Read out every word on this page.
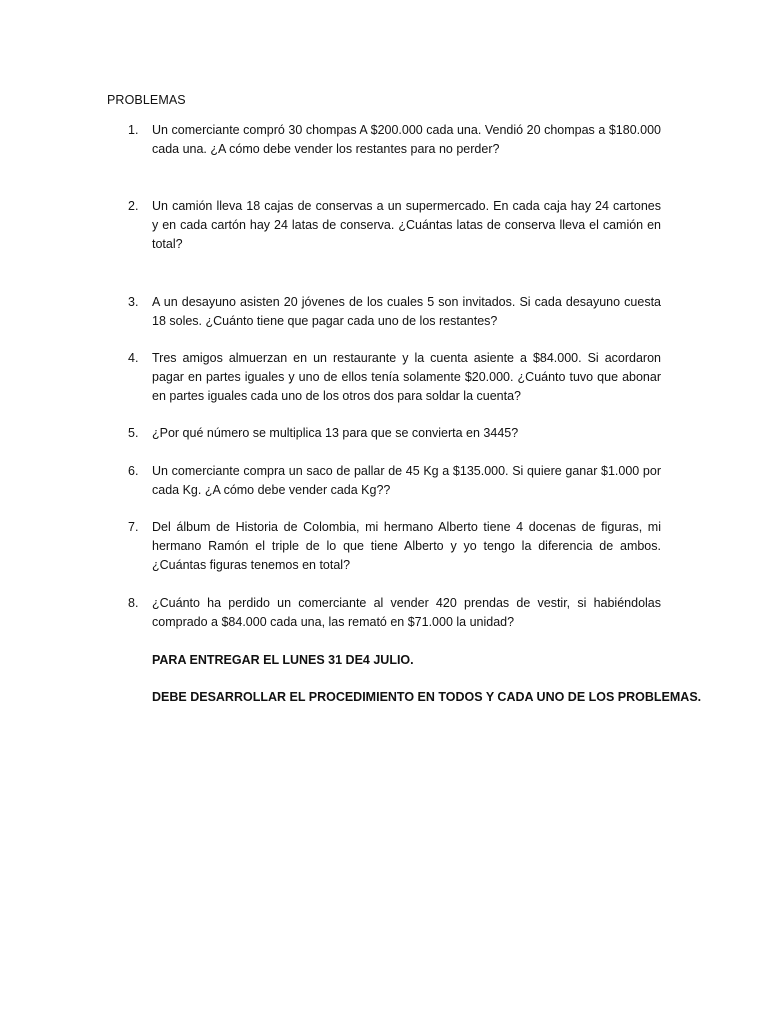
PROBLEMAS
1.	Un comerciante compró 30 chompas A $200.000 cada una. Vendió 20 chompas a $180.000 cada una. ¿A cómo debe vender los restantes para no perder?
2.	Un camión lleva 18 cajas de conservas a un supermercado. En cada caja hay 24 cartones y en cada cartón hay 24 latas de conserva. ¿Cuántas latas de conserva lleva el camión en total?
3.	A un desayuno asisten 20 jóvenes de los cuales 5 son invitados. Si cada desayuno cuesta 18 soles. ¿Cuánto tiene que pagar cada uno de los restantes?
4.	Tres amigos almuerzan en un restaurante y la cuenta asiente a $84.000. Si acordaron pagar en partes iguales y uno de ellos tenía solamente $20.000. ¿Cuánto tuvo que abonar en partes iguales cada uno de los otros dos para soldar la cuenta?
5.	¿Por qué número se multiplica 13 para que se convierta en 3445?
6.	Un comerciante compra un saco de pallar de 45 Kg a $135.000. Si quiere ganar $1.000 por cada Kg. ¿A cómo debe vender cada Kg??
7.	Del álbum de Historia de Colombia, mi hermano Alberto tiene 4 docenas de figuras, mi hermano Ramón el triple de lo que tiene Alberto y yo tengo la diferencia de ambos. ¿Cuántas figuras tenemos en total?
8.	¿Cuánto ha perdido un comerciante al vender 420 prendas de vestir, si habiéndolas comprado a $84.000 cada una, las remató en $71.000 la unidad?
PARA ENTREGAR EL LUNES 31 DE4 JULIO.
DEBE DESARROLLAR EL PROCEDIMIENTO EN TODOS Y CADA UNO DE LOS PROBLEMAS.
